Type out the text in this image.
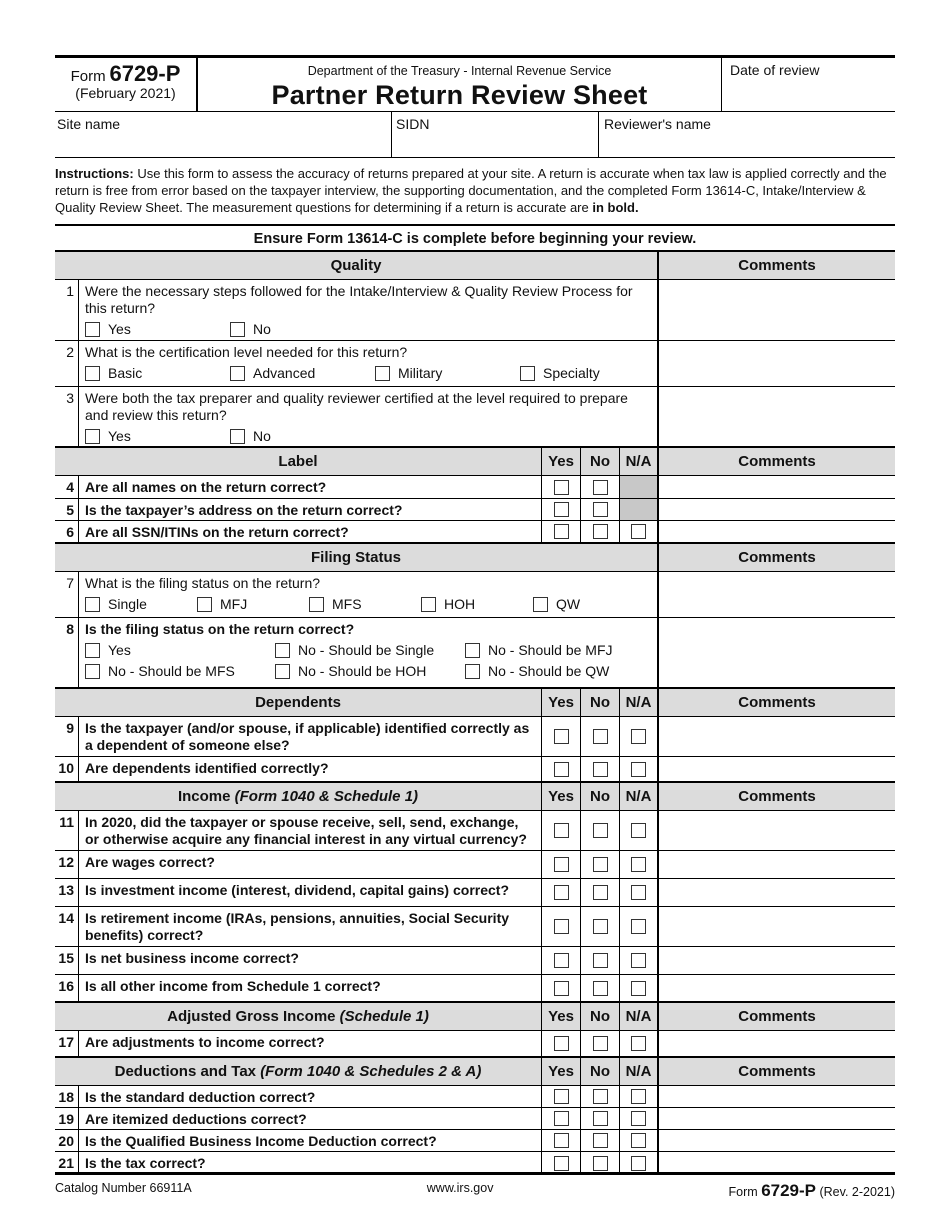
Form 6729-P
(February 2021)
Department of the Treasury - Internal Revenue Service
Partner Return Review Sheet
Date of review
Site name	SIDN	Reviewer's name
Instructions: Use this form to assess the accuracy of returns prepared at your site. A return is accurate when tax law is applied correctly and the return is free from error based on the taxpayer interview, the supporting documentation, and the completed Form 13614-C, Intake/Interview & Quality Review Sheet. The measurement questions for determining if a return is accurate are in bold.
Ensure Form 13614-C is complete before beginning your review.
Quality	Comments
1 Were the necessary steps followed for the Intake/Interview & Quality Review Process for this return?
Yes	No
2 What is the certification level needed for this return?
Basic	Advanced	Military	Specialty
3 Were both the tax preparer and quality reviewer certified at the level required to prepare and review this return?
Yes	No
Label	Yes	No	N/A	Comments
4 Are all names on the return correct?
5 Is the taxpayer’s address on the return correct?
6 Are all SSN/ITINs on the return correct?
Filing Status	Comments
7 What is the filing status on the return?
Single	MFJ	MFS	HOH	QW
8 Is the filing status on the return correct?
Yes	No - Should be Single	No - Should be MFJ
No - Should be MFS	No - Should be HOH	No - Should be QW
Dependents	Yes	No	N/A	Comments
9 Is the taxpayer (and/or spouse, if applicable) identified correctly as a dependent of someone else?
10 Are dependents identified correctly?
Income (Form 1040 & Schedule 1)	Yes	No	N/A	Comments
11 In 2020, did the taxpayer or spouse receive, sell, send, exchange, or otherwise acquire any financial interest in any virtual currency?
12 Are wages correct?
13 Is investment income (interest, dividend, capital gains) correct?
14 Is retirement income (IRAs, pensions, annuities, Social Security benefits) correct?
15 Is net business income correct?
16 Is all other income from Schedule 1 correct?
Adjusted Gross Income (Schedule 1)	Yes	No	N/A	Comments
17 Are adjustments to income correct?
Deductions and Tax (Form 1040 & Schedules 2 & A)	Yes	No	N/A	Comments
18 Is the standard deduction correct?
19 Are itemized deductions correct?
20 Is the Qualified Business Income Deduction correct?
21 Is the tax correct?
Catalog Number 66911A	www.irs.gov	Form 6729-P (Rev. 2-2021)
